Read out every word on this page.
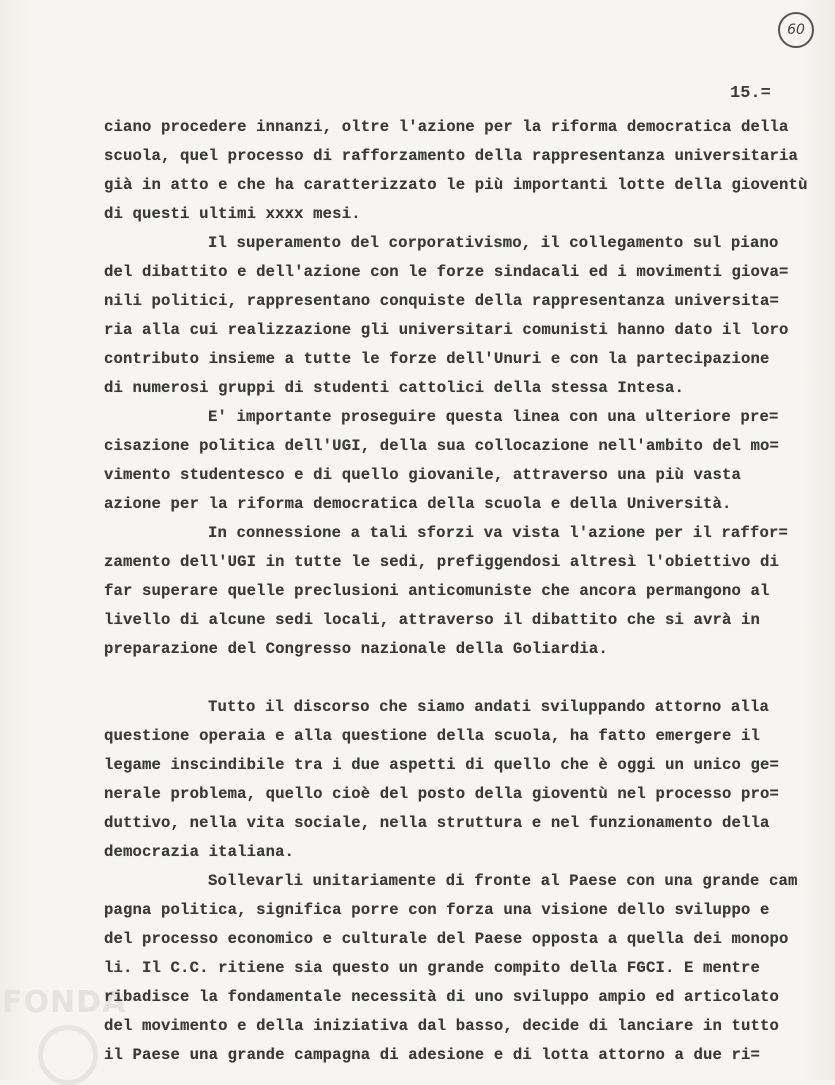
60
15.=
FONDA
ciano procedere innanzi, oltre l'azione per la riforma democratica della
scuola, quel processo di rafforzamento della rappresentanza universitaria
già in atto e che ha caratterizzato le più importanti lotte della gioventù
di questi ultimi xxxx mesi.
Il superamento del corporativismo, il collegamento sul piano
del dibattito e dell'azione con le forze sindacali ed i movimenti giova=
nili politici, rappresentano conquiste della rappresentanza universita=
ria alla cui realizzazione gli universitari comunisti hanno dato il loro
contributo insieme a tutte le forze dell'Unuri e con la partecipazione
di numerosi gruppi di studenti cattolici della stessa Intesa.
E' importante proseguire questa linea con una ulteriore pre=
cisazione politica dell'UGI, della sua collocazione nell'ambito del mo=
vimento studentesco e di quello giovanile, attraverso una più vasta
azione per la riforma democratica della scuola e della Università.
In connessione a tali sforzi va vista l'azione per il raffor=
zamento dell'UGI in tutte le sedi, prefiggendosi altresì l'obiettivo di
far superare quelle preclusioni anticomuniste che ancora permangono al
livello di alcune sedi locali, attraverso il dibattito che si avrà in
preparazione del Congresso nazionale della Goliardia.
Tutto il discorso che siamo andati sviluppando attorno alla
questione operaia e alla questione della scuola, ha fatto emergere il
legame inscindibile tra i due aspetti di quello che è oggi un unico ge=
nerale problema, quello cioè del posto della gioventù nel processo pro=
duttivo, nella vita sociale, nella struttura e nel funzionamento della
democrazia italiana.
Sollevarli unitariamente di fronte al Paese con una grande cam
pagna politica, significa porre con forza una visione dello sviluppo e
del processo economico e culturale del Paese opposta a quella dei monopo
li. Il C.C. ritiene sia questo un grande compito della FGCI. E mentre
ribadisce la fondamentale necessità di uno sviluppo ampio ed articolato
del movimento e della iniziativa dal basso, decide di lanciare in tutto
il Paese una grande campagna di adesione e di lotta attorno a due ri=
